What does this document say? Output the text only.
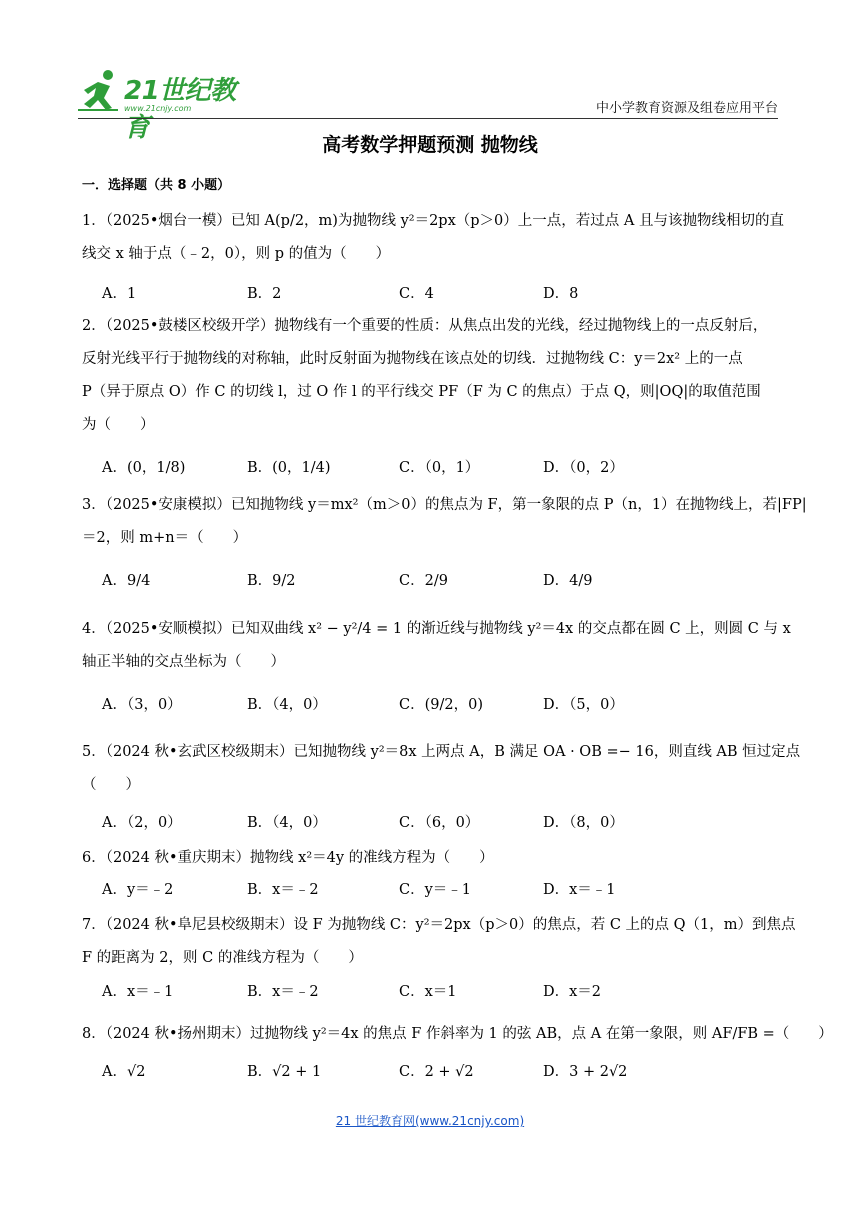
21世纪教育
www.21cnjy.com	中小学教育资源及组卷应用平台
高考数学押题预测 抛物线
一．选择题（共 8 小题）
1．（2025•烟台一模）已知 A(p/2，m)为抛物线 y²＝2px（p＞0）上一点，若过点 A 且与该抛物线相切的直
线交 x 轴于点（﹣2，0），则 p 的值为（　　）
A．1	B．2	C．4	D．8
2．（2025•鼓楼区校级开学）抛物线有一个重要的性质：从焦点出发的光线，经过抛物线上的一点反射后，
反射光线平行于抛物线的对称轴，此时反射面为抛物线在该点处的切线．过抛物线 C：y＝2x² 上的一点
P（异于原点 O）作 C 的切线 l，过 O 作 l 的平行线交 PF（F 为 C 的焦点）于点 Q，则|OQ|的取值范围
为（　　）
A．(0，1/8)	B．(0，1/4)	C．（0，1）	D．（0，2）
3．（2025•安康模拟）已知抛物线 y＝mx²（m＞0）的焦点为 F，第一象限的点 P（n，1）在抛物线上，若|FP|
＝2，则 m+n＝（　　）
A．9/4	B．9/2	C．2/9	D．4/9
4．（2025•安顺模拟）已知双曲线 x² − y²/4 = 1 的渐近线与抛物线 y²＝4x 的交点都在圆 C 上，则圆 C 与 x
轴正半轴的交点坐标为（　　）
A．（3，0）	B．（4，0）	C．(9/2，0)	D．（5，0）
5．（2024 秋•玄武区校级期末）已知抛物线 y²＝8x 上两点 A，B 满足 OA · OB =− 16，则直线 AB 恒过定点
（　　）
A．（2，0）	B．（4，0）	C．（6，0）	D．（8，0）
6．（2024 秋•重庆期末）抛物线 x²＝4y 的准线方程为（　　）
A．y＝﹣2	B．x＝﹣2	C．y＝﹣1	D．x＝﹣1
7．（2024 秋•阜尼县校级期末）设 F 为抛物线 C：y²＝2px（p＞0）的焦点，若 C 上的点 Q（1，m）到焦点
F 的距离为 2，则 C 的准线方程为（　　）
A．x＝﹣1	B．x＝﹣2	C．x＝1	D．x＝2
8．（2024 秋•扬州期末）过抛物线 y²＝4x 的焦点 F 作斜率为 1 的弦 AB，点 A 在第一象限，则 AF/FB =（　　）
A．√2	B．√2 + 1	C．2 + √2	D．3 + 2√2
21 世纪教育网(www.21cnjy.com)
